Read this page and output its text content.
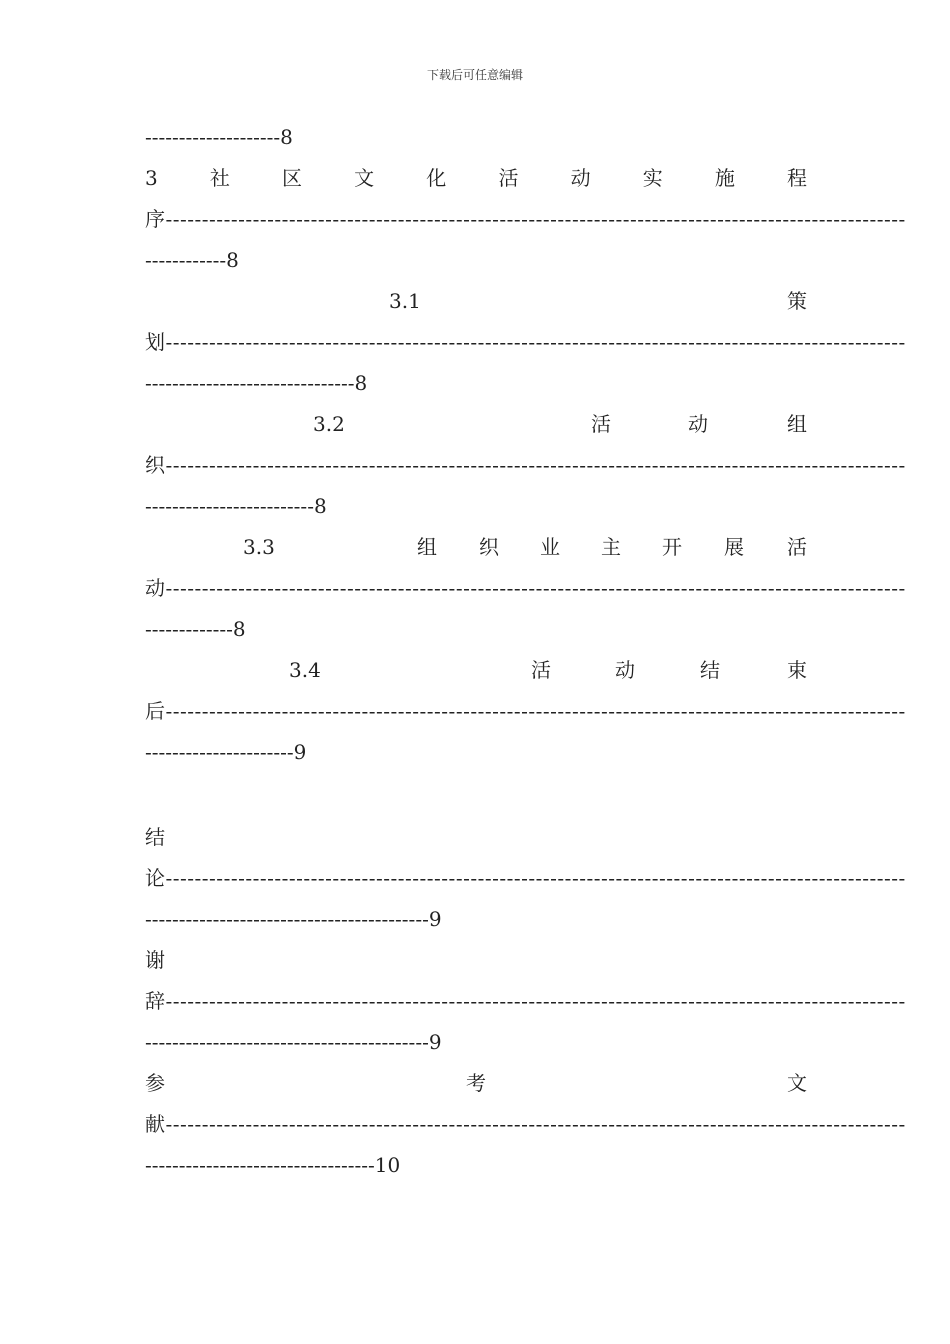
下载后可任意编辑
--------------------8
3	社	区	文	化	活	动	实	施	程
序------------------------------------------------------------------------------------------------------
------------8
3.1	策
划------------------------------------------------------------------------------------------------------
-------------------------------8
3.2	活	动	组
织------------------------------------------------------------------------------------------------------
-------------------------8
3.3	组 织 业 主 开 展 活
动------------------------------------------------------------------------------------------------------
-------------8
3.4	活	动	结	束
后------------------------------------------------------------------------------------------------------
----------------------9
结
论------------------------------------------------------------------------------------------------------
------------------------------------------9
谢
辞------------------------------------------------------------------------------------------------------
------------------------------------------9
参	考	文
献------------------------------------------------------------------------------------------------------
----------------------------------10
